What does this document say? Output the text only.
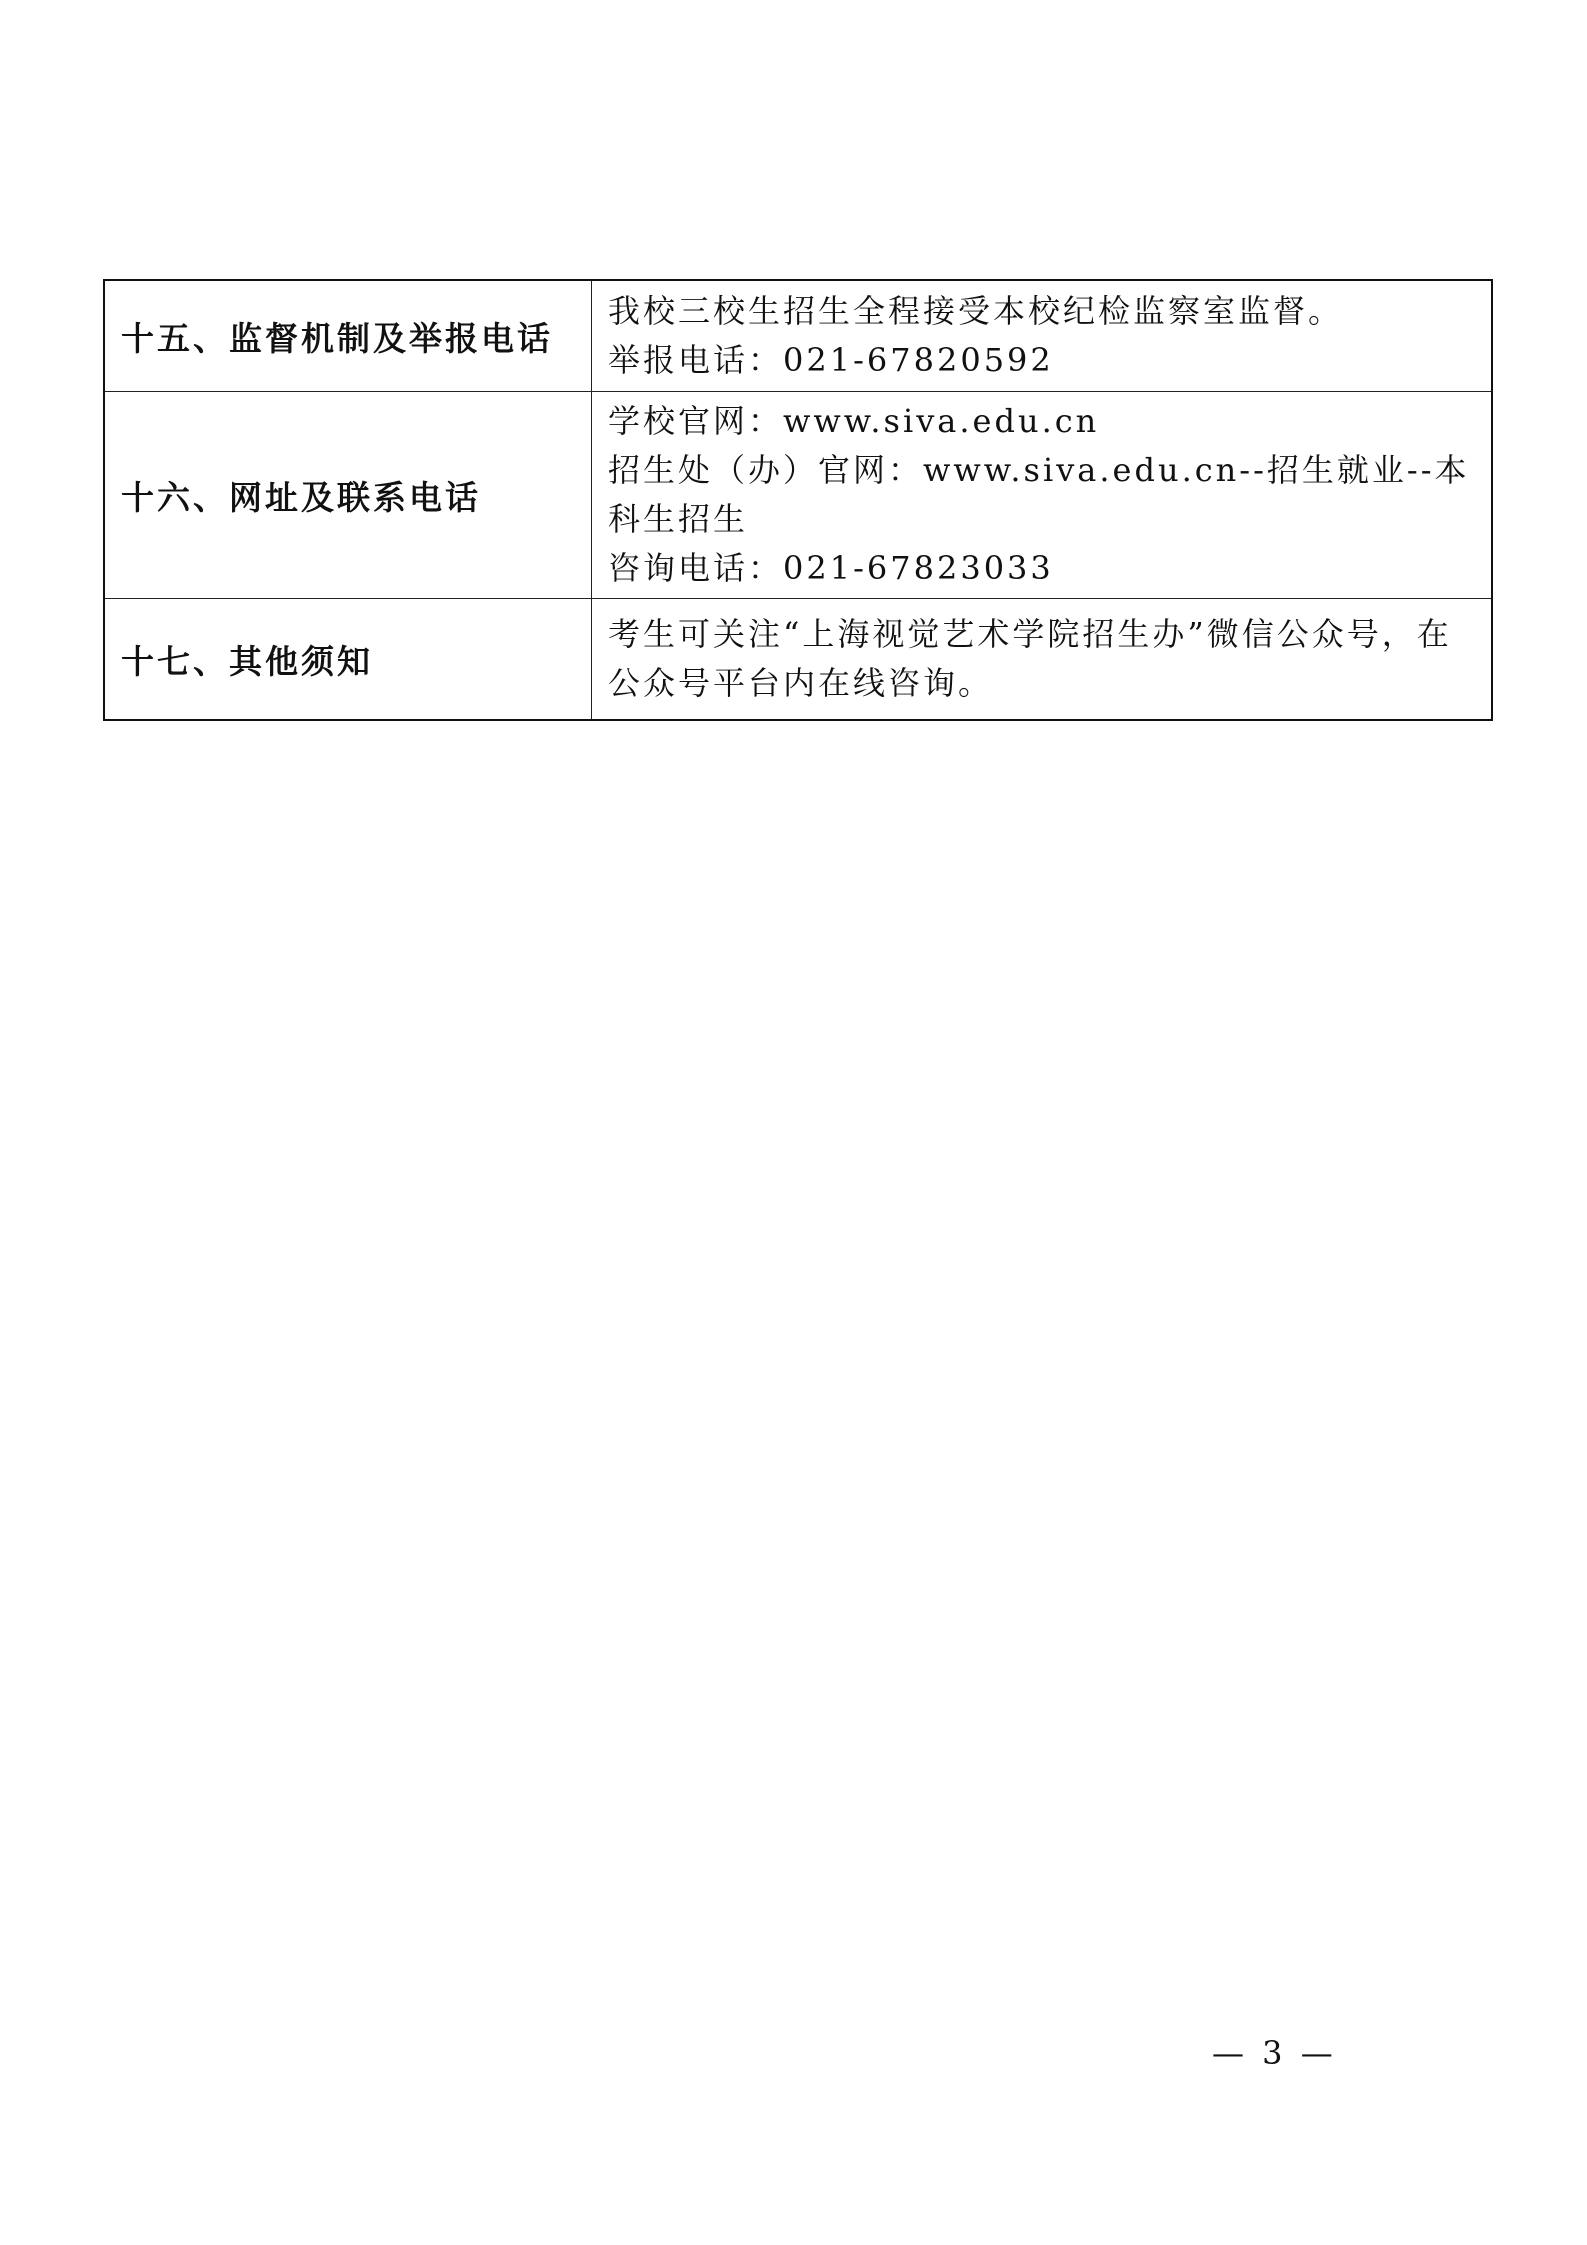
十五、监督机制及举报电话	我校三校生招生全程接受本校纪检监察室监督。
举报电话：021-67820592

十六、网址及联系电话	学校官网：www.siva.edu.cn
招生处（办）官网：www.siva.edu.cn--招生就业--本科生招生
咨询电话：021-67823033

十七、其他须知	考生可关注“上海视觉艺术学院招生办”微信公众号，在公众号平台内在线咨询。
— 3 —
